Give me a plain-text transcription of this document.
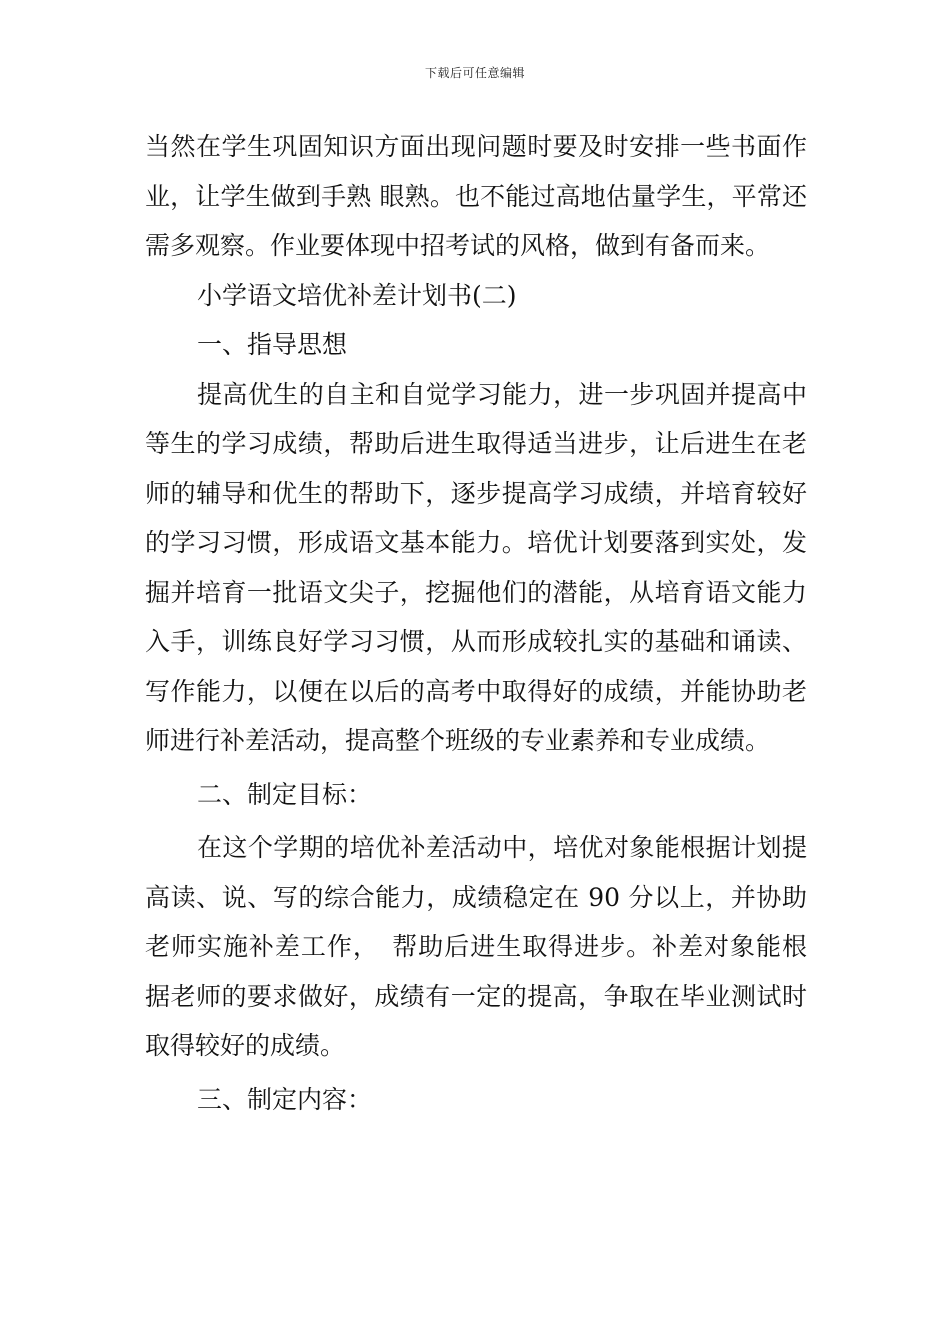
下载后可任意编辑

当然在学生巩固知识方面出现问题时要及时安排一些书面作业，让学生做到手熟 眼熟。也不能过高地估量学生，平常还需多观察。作业要体现中招考试的风格，做到有备而来。

小学语文培优补差计划书(二)

一、指导思想

提高优生的自主和自觉学习能力，进一步巩固并提高中等生的学习成绩，帮助后进生取得适当进步，让后进生在老师的辅导和优生的帮助下，逐步提高学习成绩，并培育较好的学习习惯，形成语文基本能力。培优计划要落到实处，发掘并培育一批语文尖子，挖掘他们的潜能，从培育语文能力入手，训练良好学习习惯，从而形成较扎实的基础和诵读、写作能力，以便在以后的高考中取得好的成绩，并能协助老师进行补差活动，提高整个班级的专业素养和专业成绩。

二、制定目标：

在这个学期的培优补差活动中，培优对象能根据计划提高读、说、写的综合能力，成绩稳定在 90 分以上，并协助老师实施补差工作，　帮助后进生取得进步。补差对象能根据老师的要求做好，成绩有一定的提高，争取在毕业测试时取得较好的成绩。

三、制定内容：
